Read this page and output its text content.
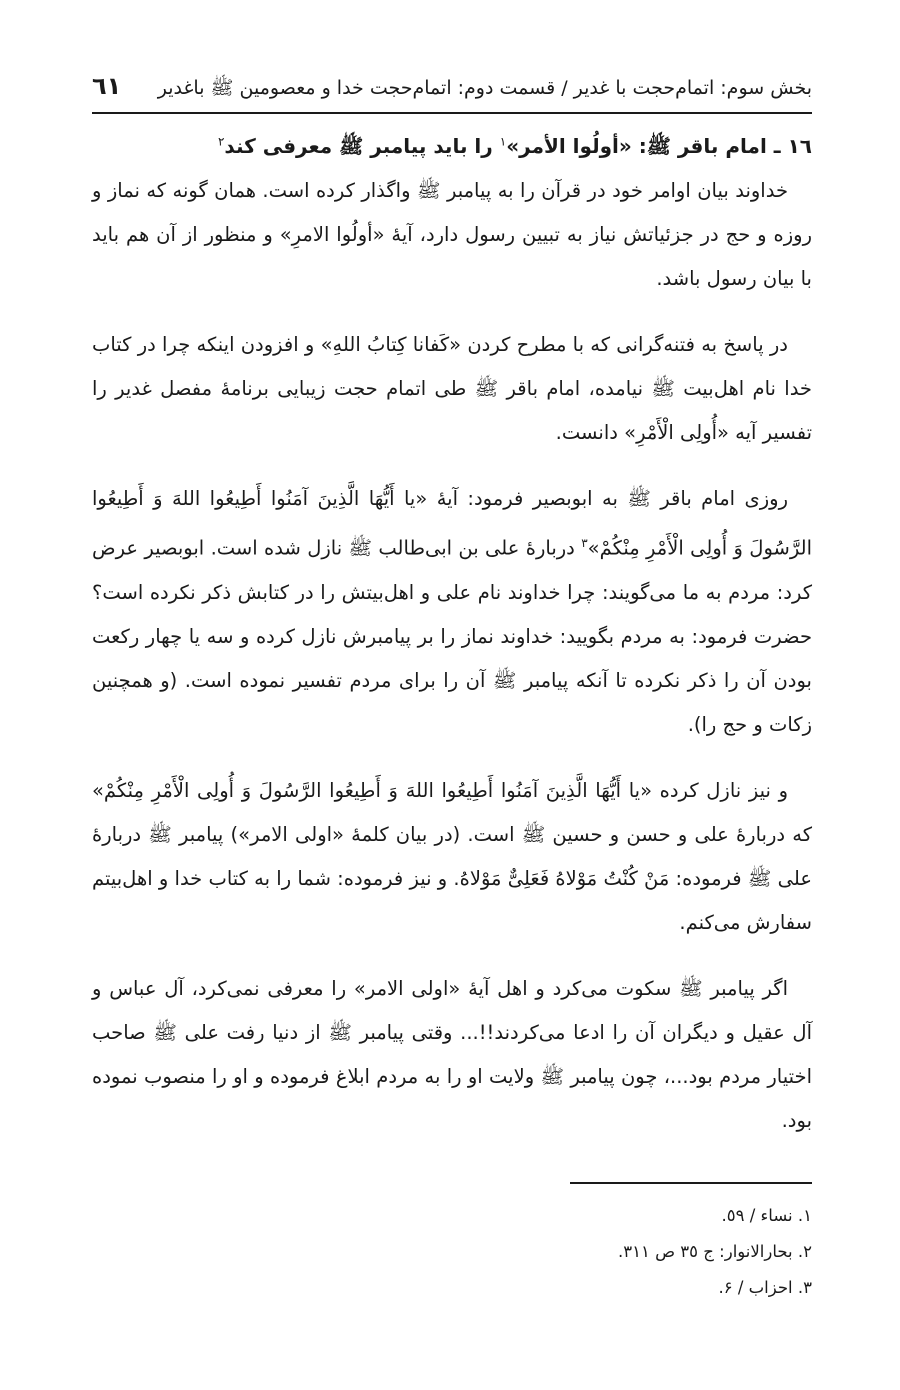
بخش سوم: اتمام‌حجت با غدیر / قسمت دوم: اتمام‌حجت خدا و معصومین ﷺ باغدیر
٦١
١٦ ـ امام باقر ﷺ: «أولُوا الأمر»$^١$ را باید پیامبر ﷺ معرفی کند$^٢$

خداوند بیان اوامر خود در قرآن را به پیامبر ﷺ واگذار کرده است. همان گونه که نماز و روزه و حج در جزئیاتش نیاز به تبیین رسول دارد، آیهٔ «أولُوا الامرِ» و منظور از آن هم باید با بیان رسول باشد.

در پاسخ به فتنه‌گرانی که با مطرح کردن «کَفانا کِتابُ اللهِ» و افزودن اینکه چرا در کتاب خدا نام اهل‌بیت ﷺ نیامده، امام باقر ﷺ طی اتمام حجت زیبایی برنامهٔ مفصل غدیر را تفسیر آیه «أُولِی الْأَمْرِ» دانست.

روزی امام باقر ﷺ به ابوبصیر فرمود: آیهٔ «یا أَیُّهَا الَّذِینَ آمَنُوا أَطِیعُوا اللهَ وَ أَطِیعُوا الرَّسُولَ وَ أُولِی الْأَمْرِ مِنْکُمْ»$^٣$ دربارهٔ علی بن ابی‌طالب ﷺ نازل شده است. ابوبصیر عرض کرد: مردم به ما می‌گویند: چرا خداوند نام علی و اهل‌بیتش را در کتابش ذکر نکرده است؟ حضرت فرمود: به مردم بگویید: خداوند نماز را بر پیامبرش نازل کرده و سه یا چهار رکعت بودن آن را ذکر نکرده تا آنکه پیامبر ﷺ آن را برای مردم تفسیر نموده است. (و همچنین زکات و حج را).

و نیز نازل کرده «یا أَیُّهَا الَّذِینَ آمَنُوا أَطِیعُوا اللهَ وَ أَطِیعُوا الرَّسُولَ وَ أُولِی الْأَمْرِ مِنْکُمْ» که دربارهٔ علی و حسن و حسین ﷺ است. (در بیان کلمهٔ «اولی الامر») پیامبر ﷺ دربارهٔ علی ﷺ فرموده: مَنْ کُنْتُ مَوْلاهُ فَعَلِیٌّ مَوْلاهُ. و نیز فرموده: شما را به کتاب خدا و اهل‌بیتم سفارش می‌کنم.

اگر پیامبر ﷺ سکوت می‌کرد و اهل آیهٔ «اولی الامر» را معرفی نمی‌کرد، آل عباس و آل عقیل و دیگران آن را ادعا می‌کردند!!... وقتی پیامبر ﷺ از دنیا رفت علی ﷺ صاحب اختیار مردم بود...، چون پیامبر ﷺ ولایت او را به مردم ابلاغ فرموده و او را منصوب نموده بود.

١. نساء / ٥٩.

٢. بحارالانوار: ج ٣٥ ص ٣١١.

٣. احزاب / ۶.
